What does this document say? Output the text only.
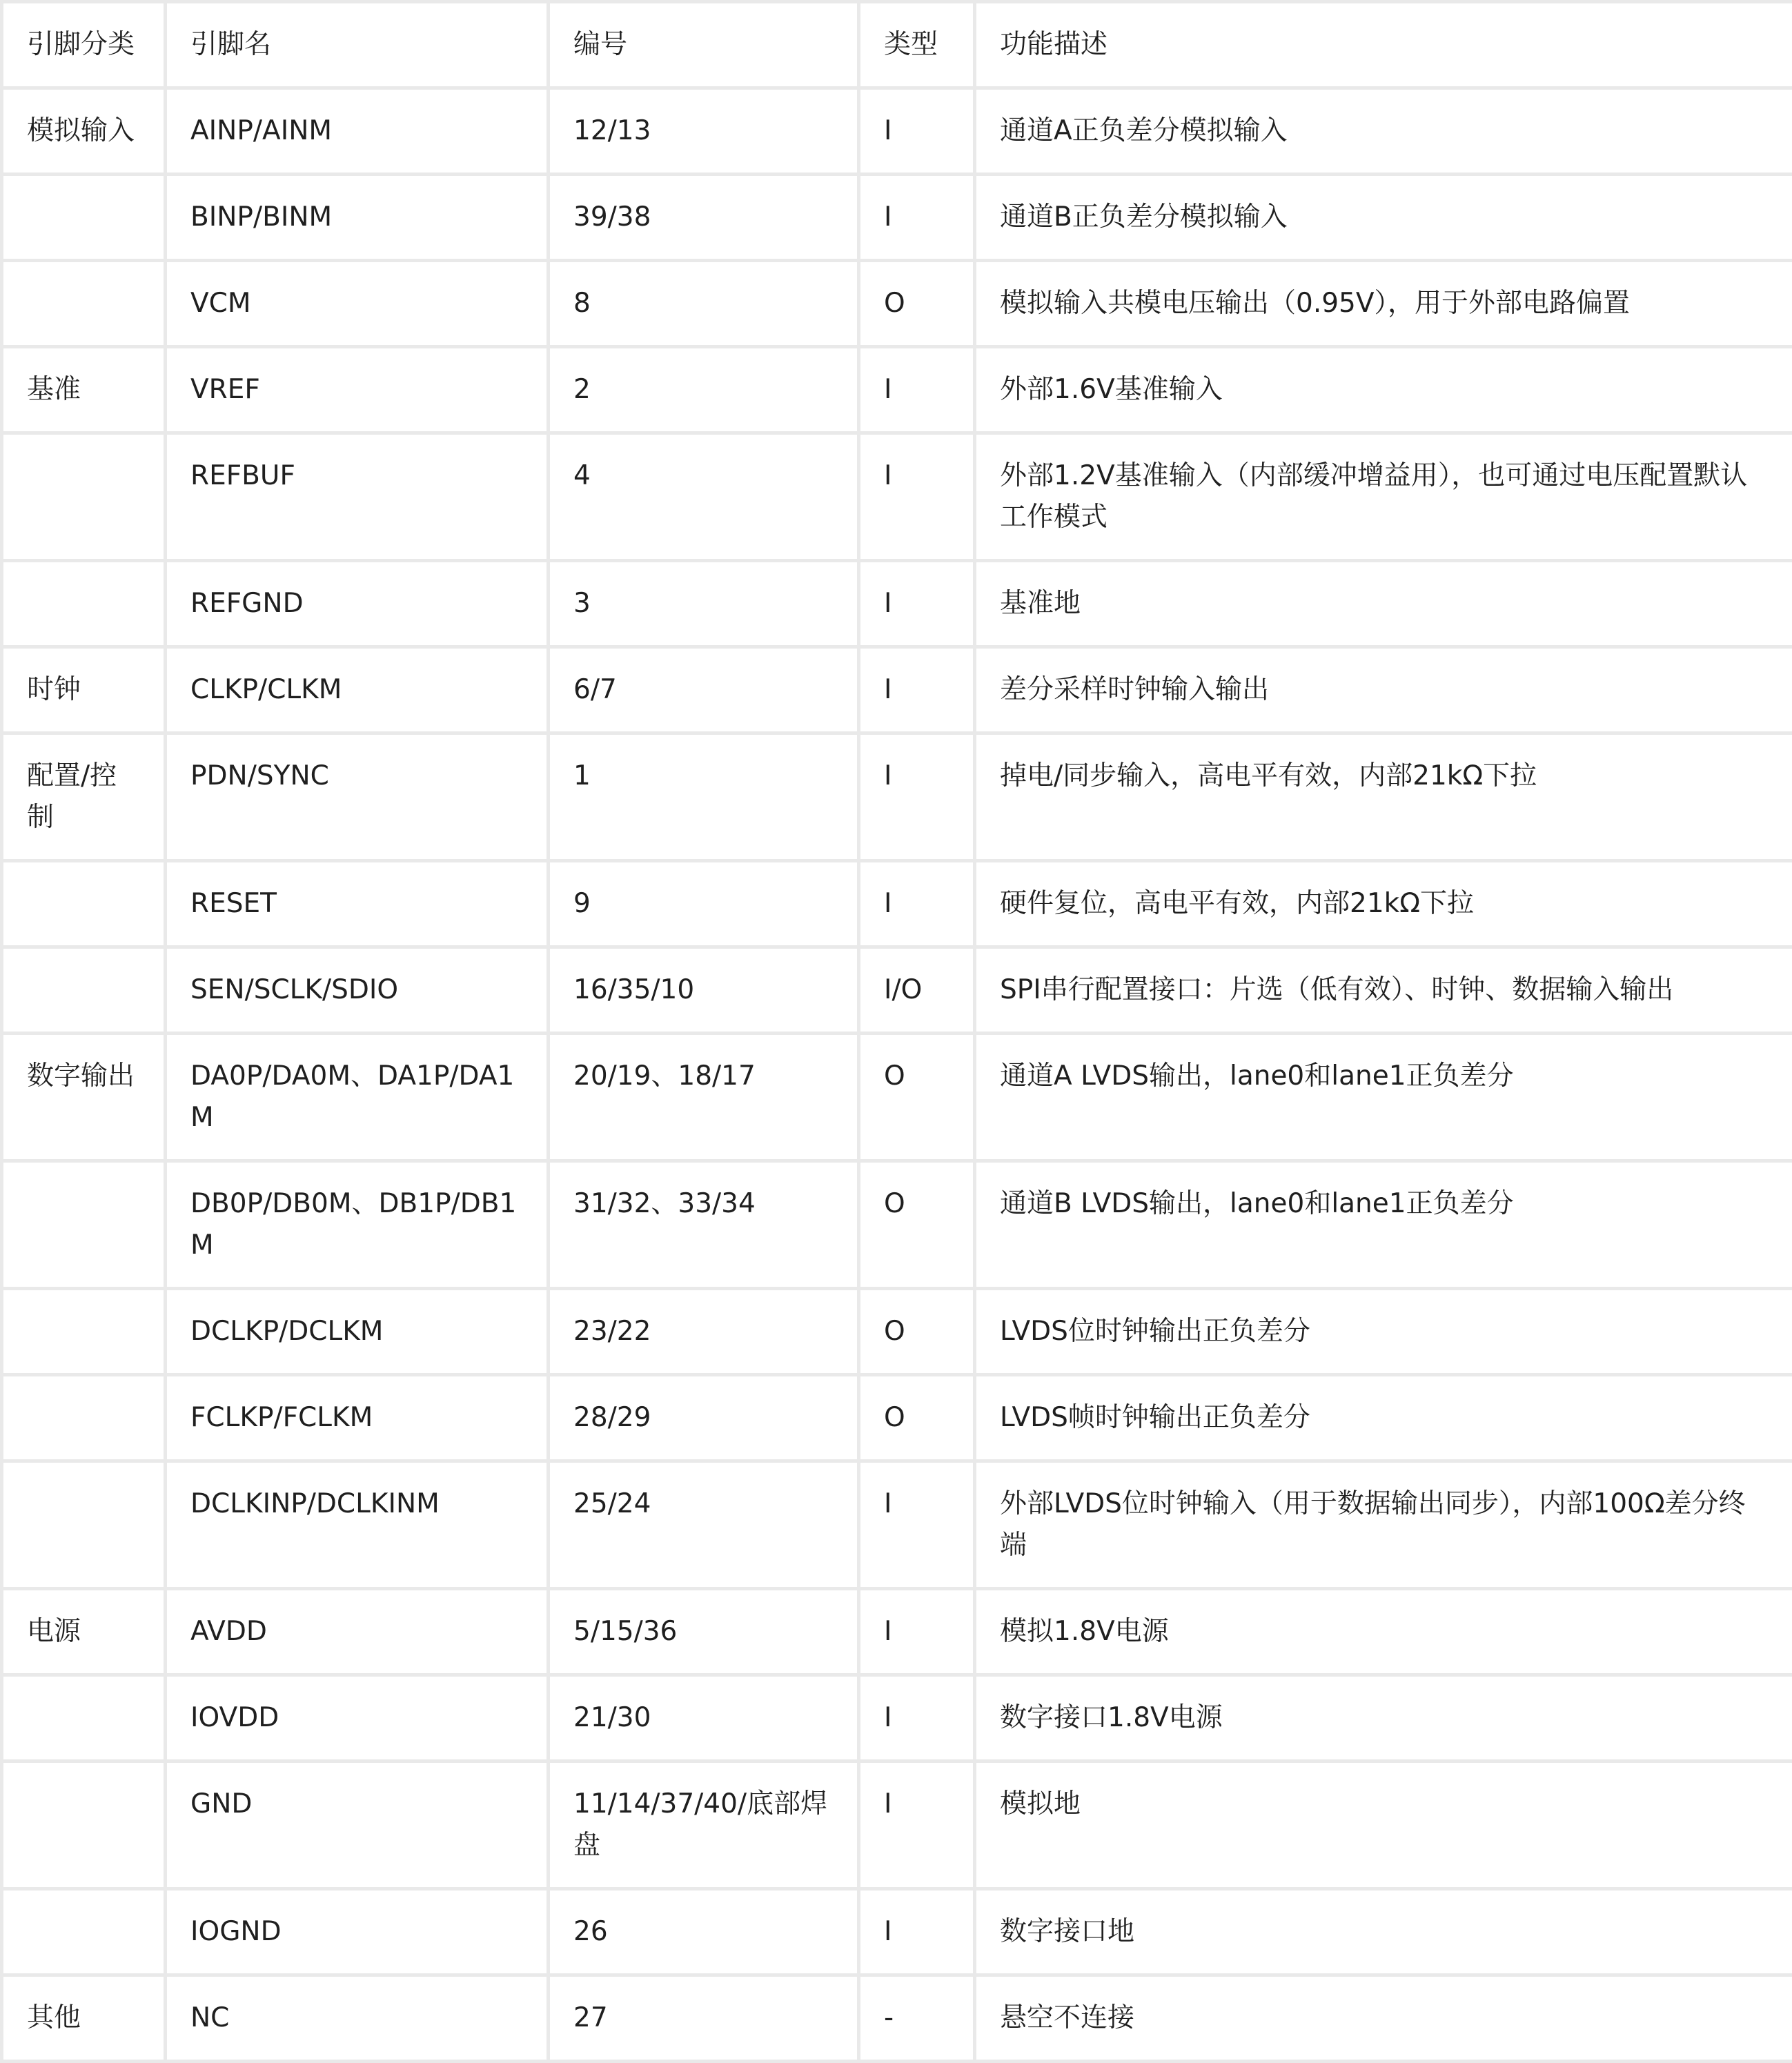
引脚分类	引脚名	编号	类型	功能描述
模拟输入	AINP/AINM	12/13	I	通道A正负差分模拟输入
	BINP/BINM	39/38	I	通道B正负差分模拟输入
	VCM	8	O	模拟输入共模电压输出（0.95V），用于外部电路偏置
基准	VREF	2	I	外部1.6V基准输入
	REFBUF	4	I	外部1.2V基准输入（内部缓冲增益用），也可通过电压配置默认工作模式
	REFGND	3	I	基准地
时钟	CLKP/CLKM	6/7	I	差分采样时钟输入输出
配置/控制	PDN/SYNC	1	I	掉电/同步输入，高电平有效，内部21kΩ下拉
	RESET	9	I	硬件复位，高电平有效，内部21kΩ下拉
	SEN/SCLK/SDIO	16/35/10	I/O	SPI串行配置接口：片选（低有效）、时钟、数据输入输出
数字输出	DA0P/DA0M、DA1P/DA1M	20/19、18/17	O	通道A LVDS输出，lane0和lane1正负差分
	DB0P/DB0M、DB1P/DB1M	31/32、33/34	O	通道B LVDS输出，lane0和lane1正负差分
	DCLKP/DCLKM	23/22	O	LVDS位时钟输出正负差分
	FCLKP/FCLKM	28/29	O	LVDS帧时钟输出正负差分
	DCLKINP/DCLKINM	25/24	I	外部LVDS位时钟输入（用于数据输出同步），内部100Ω差分终端
电源	AVDD	5/15/36	I	模拟1.8V电源
	IOVDD	21/30	I	数字接口1.8V电源
	GND	11/14/37/40/底部焊盘	I	模拟地
	IOGND	26	I	数字接口地
其他	NC	27	-	悬空不连接
